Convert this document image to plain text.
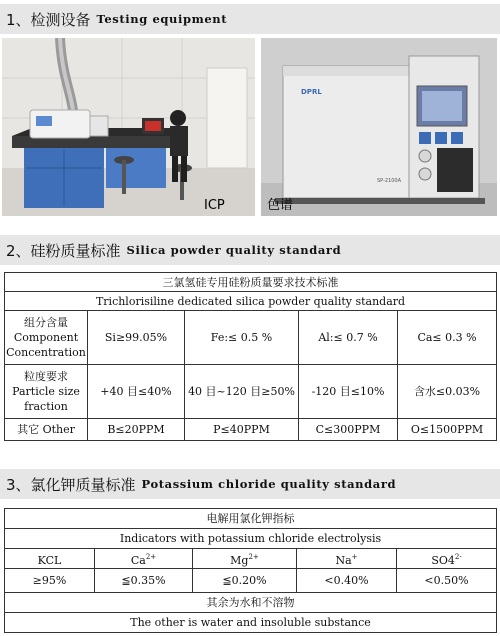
1、检测设备 Testing equipment
ICP
DPRL
SP-2100A
色谱
2、硅粉质量标准 Silica powder quality standard
三氯氢硅专用硅粉质量要求技术标准				
Trichlorisiline dedicated silica powder quality standard				

组分含量
Component
Concentration	Si≥99.05%	Fe:≤ 0.5 %	Al:≤ 0.7 %	Ca≤ 0.3 %

粒度要求
Particle size
fraction	+40 目≤40%	40 目~120 目≥50%	-120 目≤10%	含水≤0.03%
其它 Other	B≤20PPM	P≤40PPM	C≤300PPM	O≤1500PPM
3、氯化钾质量标准 Potassium chloride quality standard
电解用氯化钾指标				
Indicators with potassium chloride electrolysis				
KCL	$Ca^{2+}$	$Mg^{2+}$	Na+	$SO4^{2-}$
≥95%	≦0.35%	≦0.20%	<0.40%	<0.50%
其余为水和不溶物				
The other is water and insoluble substance				
